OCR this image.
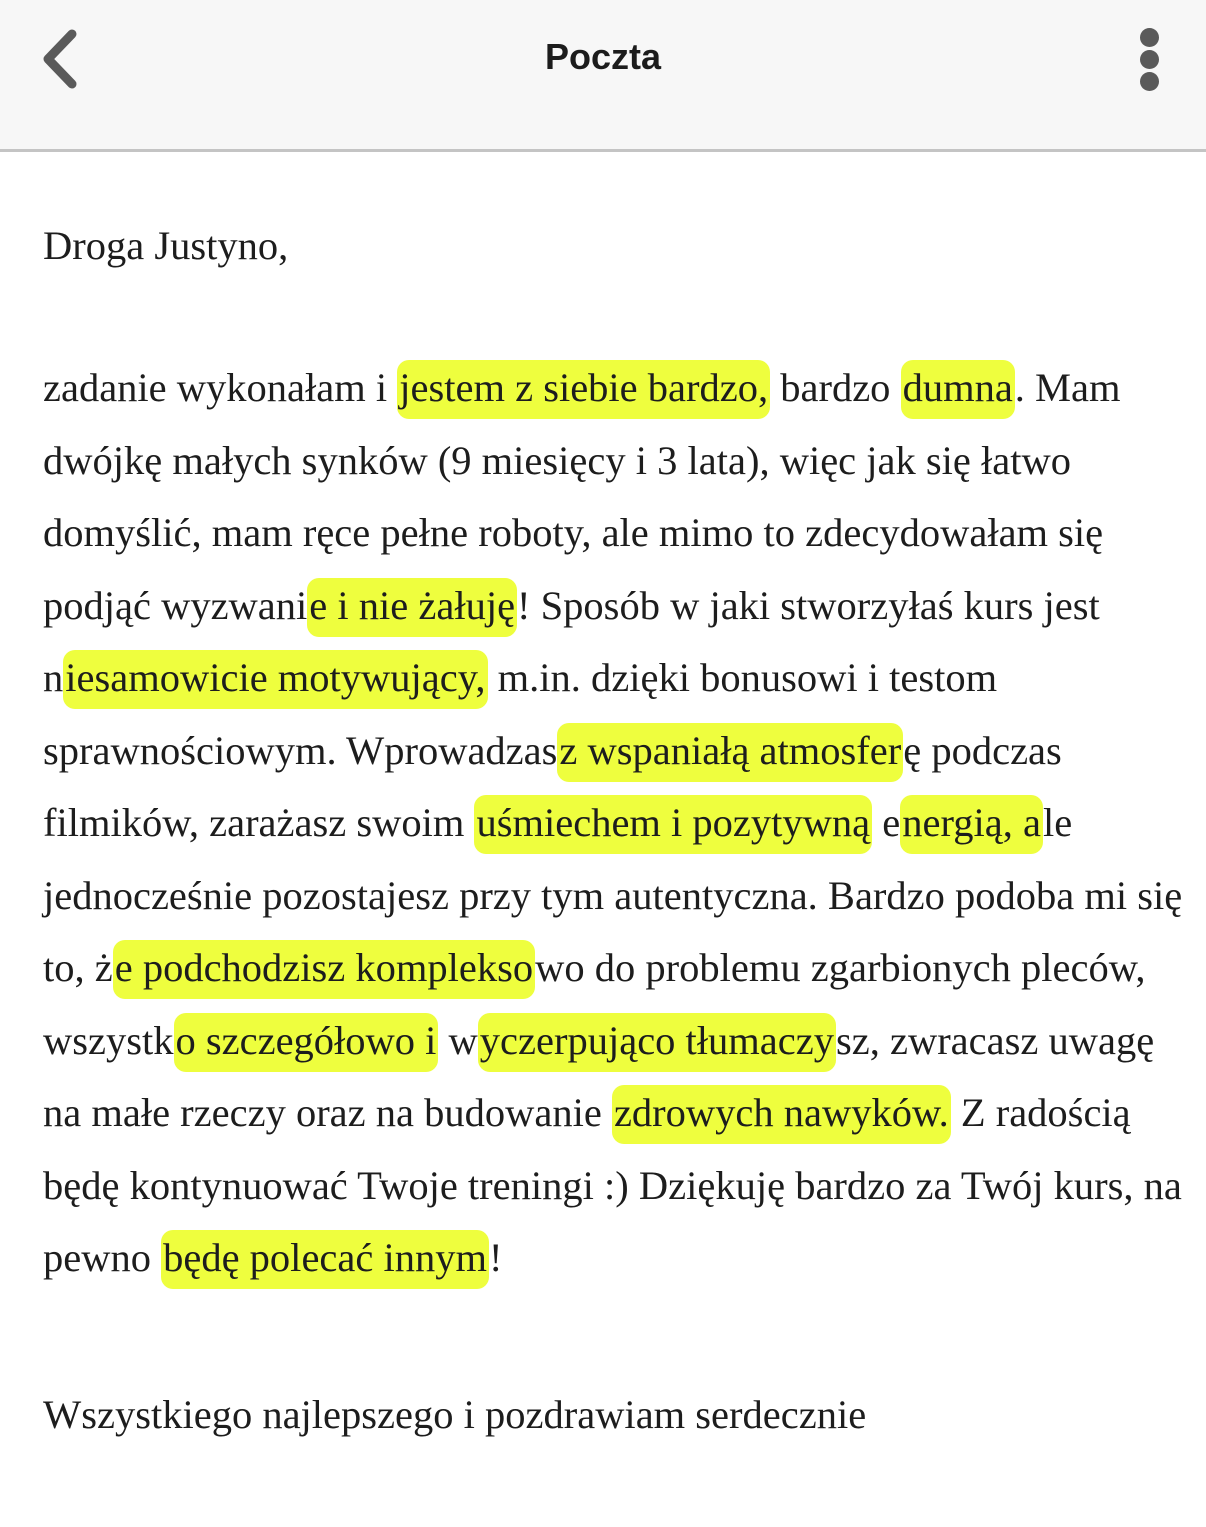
Poczta

Droga Justyno,

zadanie wykonałam i jestem z siebie bardzo, bardzo dumna. Mam dwójkę małych synków (9 miesięcy i 3 lata), więc jak się łatwo domyślić, mam ręce pełne roboty, ale mimo to zdecydowałam się podjąć wyzwanie i nie żałuję! Sposób w jaki stworzyłaś kurs jest niesamowicie motywujący, m.in. dzięki bonusowi i testom sprawnościowym. Wprowadzasz wspaniałą atmosferę podczas filmików, zarażasz swoim uśmiechem i pozytywną energią, ale jednocześnie pozostajesz przy tym autentyczna. Bardzo podoba mi się to, że podchodzisz kompleksowo do problemu zgarbionych pleców, wszystko szczegółowo i wyczerpująco tłumaczysz, zwracasz uwagę na małe rzeczy oraz na budowanie zdrowych nawyków. Z radością będę kontynuować Twoje treningi :) Dziękuję bardzo za Twój kurs, na pewno będę polecać innym!

Wszystkiego najlepszego i pozdrawiam serdecznie
